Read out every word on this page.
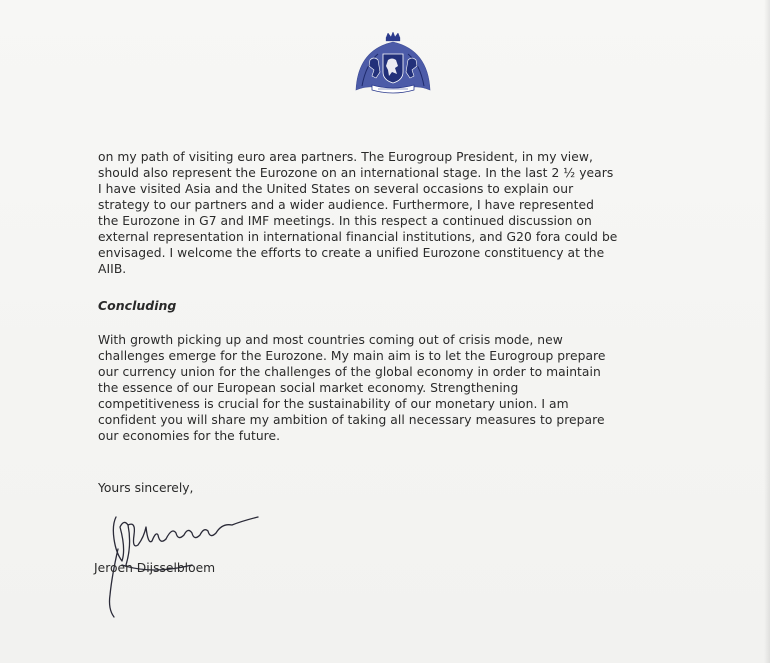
on my path of visiting euro area partners. The Eurogroup President, in my view,
should also represent the Eurozone on an international stage. In the last 2 ½ years
I have visited Asia and the United States on several occasions to explain our
strategy to our partners and a wider audience. Furthermore, I have represented
the Eurozone in G7 and IMF meetings. In this respect a continued discussion on
external representation in international financial institutions, and G20 fora could be
envisaged. I welcome the efforts to create a unified Eurozone constituency at the
AIIB.

Concluding

With growth picking up and most countries coming out of crisis mode, new
challenges emerge for the Eurozone. My main aim is to let the Eurogroup prepare
our currency union for the challenges of the global economy in order to maintain
the essence of our European social market economy. Strengthening
competitiveness is crucial for the sustainability of our monetary union. I am
confident you will share my ambition of taking all necessary measures to prepare
our economies for the future.

Yours sincerely,

Jeroen Dijsselbloem
